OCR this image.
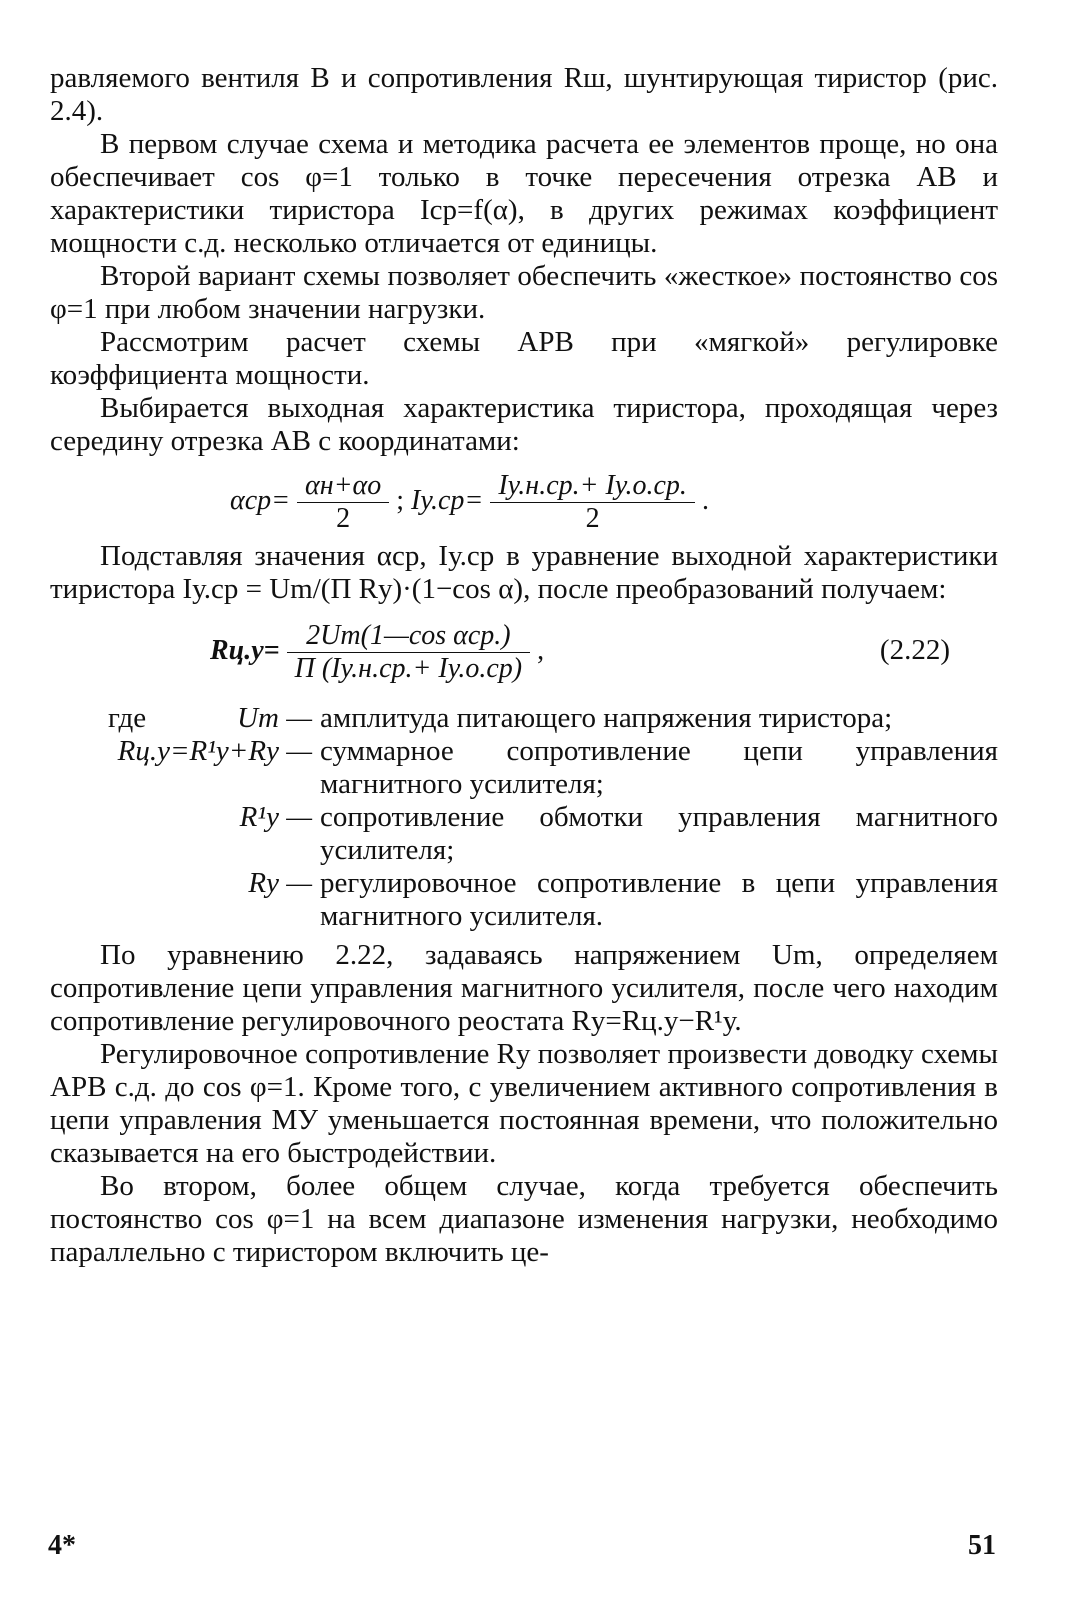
равляемого вентиля B и сопротивления Rш, шунтирующая тиристор (рис. 2.4).

В первом случае схема и методика расчета ее элементов проще, но она обеспечивает cos φ=1 только в точке пересечения отрезка AB и характеристики тиристора Iср=f(α), в других режимах коэффициент мощности с.д. несколько отличается от единицы.

Второй вариант схемы позволяет обеспечить «жесткое» постоянство cos φ=1 при любом значении нагрузки.

Рассмотрим расчет схемы АРВ при «мягкой» регулировке коэффициента мощности.

Выбирается выходная характеристика тиристора, проходящая через середину отрезка AB с координатами:

$\alpha ср= \frac{\alpha н+\alpha о}{2}$ ; $Iу.ср= \frac{Iу.н.ср.+ Iу.о.ср.}{2}$ .

Подставляя значения αср, Iу.ср в уравнение выходной характеристики тиристора Iу.ср = Um/(П Rу)·(1−cos α), после преобразований получаем:

$Rц.у= \frac{\text{2Um(1—cos αср.)}}{П (Iу.н.ср.+ Iу.о.ср)}$ ,	(2.22)
где	Um — амплитуда питающего напряжения тиристора;
Rц.у=R¹у+Rу — суммарное сопротивление цепи управления магнитного усилителя;
R¹у — сопротивление обмотки управления магнитного усилителя;
Rу — регулировочное сопротивление в цепи управления магнитного усилителя.

По уравнению 2.22, задаваясь напряжением Um, определяем сопротивление цепи управления магнитного усилителя, после чего находим сопротивление регулировочного реостата Rу=Rц.у−R¹у.

Регулировочное сопротивление Rу позволяет произвести доводку схемы АРВ с.д. до cos φ=1. Кроме того, с увеличением активного сопротивления в цепи управления МУ уменьшается постоянная времени, что положительно сказывается на его быстродействии.

Во втором, более общем случае, когда требуется обеспечить постоянство cos φ=1 на всем диапазоне изменения нагрузки, необходимо параллельно с тиристором включить це-

4*	51
